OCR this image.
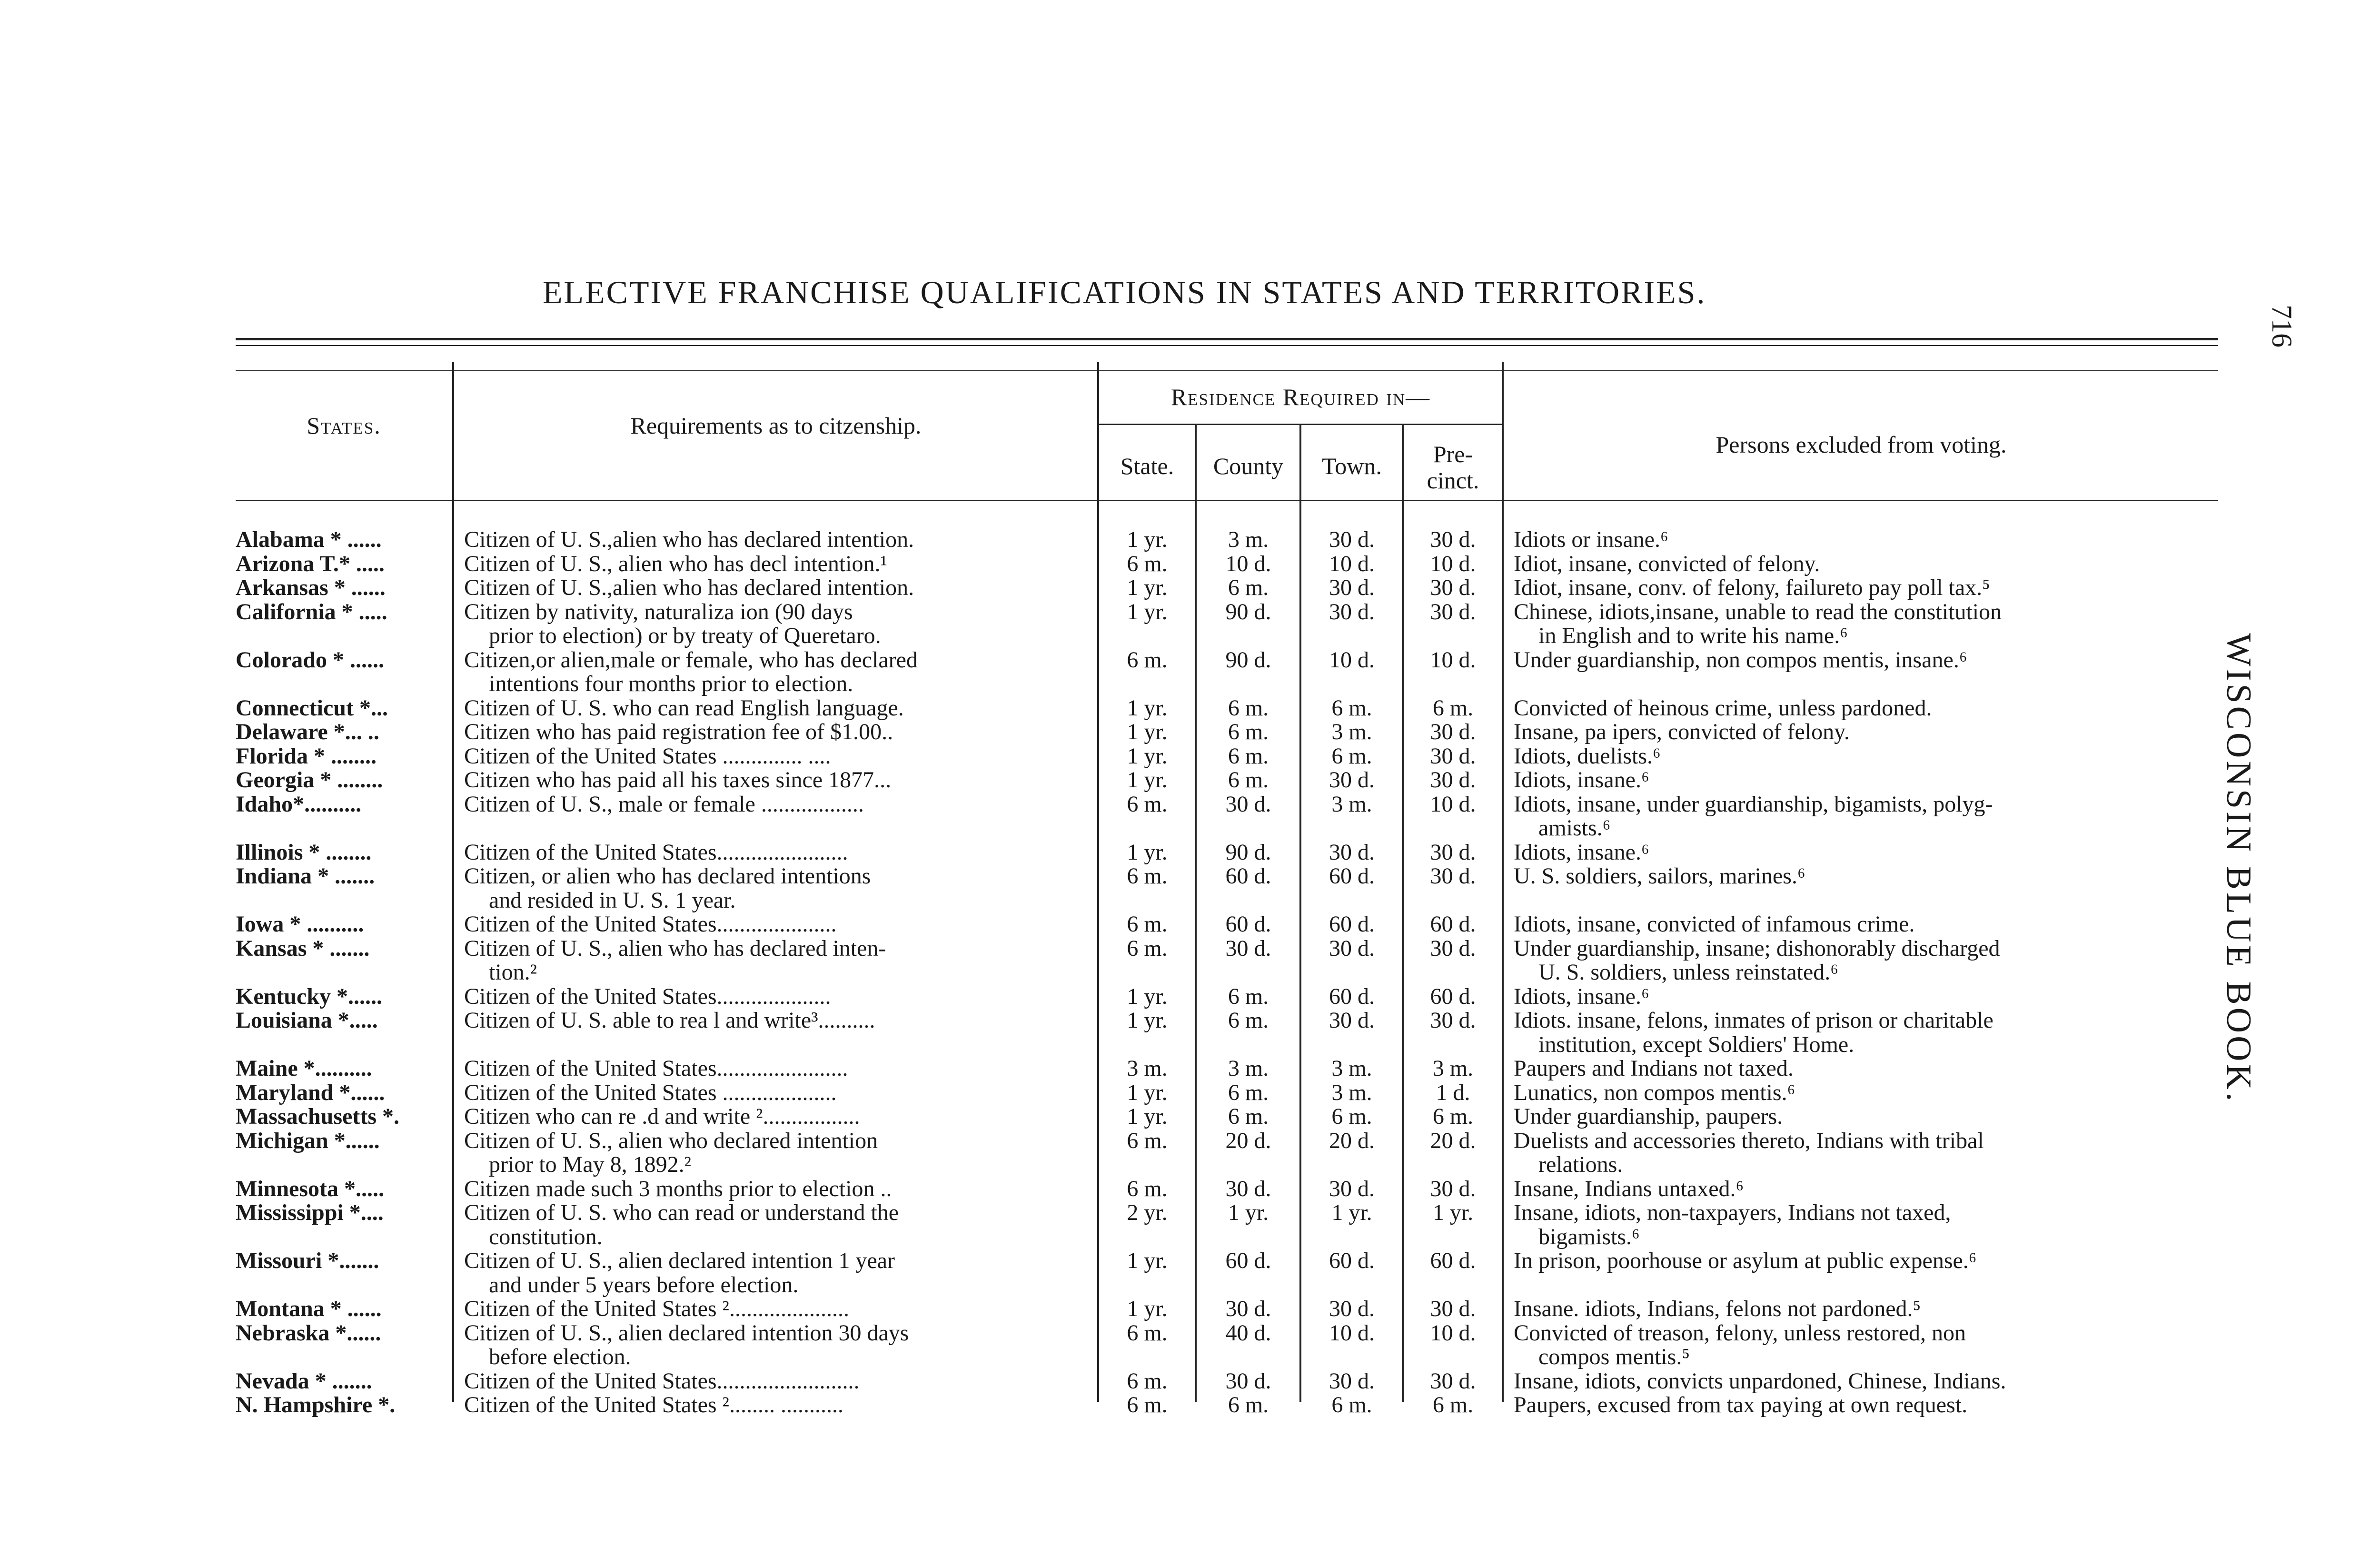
ELECTIVE FRANCHISE QUALIFICATIONS IN STATES AND TERRITORIES.
716
WISCONSIN BLUE BOOK.
States.	Requirements as to citzenship.
Residence Required in—
State.	County	Town.	Pre-
cinct.
Persons excluded from voting.
Alabama * ......	Citizen of U. S.,alien who has declared intention.	1 yr.	3 m.	30 d.	30 d.	Idiots or insane.⁶
Arizona T.* .....	Citizen of U. S., alien who has decl intention.¹	6 m.	10 d.	10 d.	10 d.	Idiot, insane, convicted of felony.
Arkansas * ......	Citizen of U. S.,alien who has declared intention.	1 yr.	6 m.	30 d.	30 d.	Idiot, insane, conv. of felony, failureto pay poll tax.⁵
California * .....	Citizen by nativity, naturaliza ion (90 days	1 yr.	90 d.	30 d.	30 d.	Chinese, idiots,insane, unable to read the constitution
prior to election) or by treaty of Queretaro.	in English and to write his name.⁶
Colorado * ......	Citizen,or alien,male or female, who has declared	6 m.	90 d.	10 d.	10 d.	Under guardianship, non compos mentis, insane.⁶
intentions four months prior to election.
Connecticut *...	Citizen of U. S. who can read English language.	1 yr.	6 m.	6 m.	6 m.	Convicted of heinous crime, unless pardoned.
Delaware *... ..	Citizen who has paid registration fee of $1.00..	1 yr.	6 m.	3 m.	30 d.	Insane, pa ipers, convicted of felony.
Florida * ........	Citizen of the United States .............. ....	1 yr.	6 m.	6 m.	30 d.	Idiots, duelists.⁶
Georgia * ........	Citizen who has paid all his taxes since 1877...	1 yr.	6 m.	30 d.	30 d.	Idiots, insane.⁶
Idaho*..........	Citizen of U. S., male or female ..................	6 m.	30 d.	3 m.	10 d.	Idiots, insane, under guardianship, bigamists, polyg-
amists.⁶
Illinois * ........	Citizen of the United States.......................	1 yr.	90 d.	30 d.	30 d.	Idiots, insane.⁶
Indiana * .......	Citizen, or alien who has declared intentions	6 m.	60 d.	60 d.	30 d.	U. S. soldiers, sailors, marines.⁶
and resided in U. S. 1 year.
Iowa * ..........	Citizen of the United States.....................	6 m.	60 d.	60 d.	60 d.	Idiots, insane, convicted of infamous crime.
Kansas * .......	Citizen of U. S., alien who has declared inten-	6 m.	30 d.	30 d.	30 d.	Under guardianship, insane; dishonorably discharged
tion.²	U. S. soldiers, unless reinstated.⁶
Kentucky *......	Citizen of the United States....................	1 yr.	6 m.	60 d.	60 d.	Idiots, insane.⁶
Louisiana *.....	Citizen of U. S. able to rea l and write³..........	1 yr.	6 m.	30 d.	30 d.	Idiots. insane, felons, inmates of prison or charitable
institution, except Soldiers' Home.
Maine *..........	Citizen of the United States.......................	3 m.	3 m.	3 m.	3 m.	Paupers and Indians not taxed.
Maryland *......	Citizen of the United States ....................	1 yr.	6 m.	3 m.	1 d.	Lunatics, non compos mentis.⁶
Massachusetts *.	Citizen who can re .d and write ².................	1 yr.	6 m.	6 m.	6 m.	Under guardianship, paupers.
Michigan *......	Citizen of U. S., alien who declared intention	6 m.	20 d.	20 d.	20 d.	Duelists and accessories thereto, Indians with tribal
prior to May 8, 1892.²	relations.
Minnesota *.....	Citizen made such 3 months prior to election ..	6 m.	30 d.	30 d.	30 d.	Insane, Indians untaxed.⁶
Mississippi *....	Citizen of U. S. who can read or understand the	2 yr.	1 yr.	1 yr.	1 yr.	Insane, idiots, non-taxpayers, Indians not taxed,
constitution.	bigamists.⁶
Missouri *.......	Citizen of U. S., alien declared intention 1 year	1 yr.	60 d.	60 d.	60 d.	In prison, poorhouse or asylum at public expense.⁶
and under 5 years before election.
Montana * ......	Citizen of the United States ².....................	1 yr.	30 d.	30 d.	30 d.	Insane. idiots, Indians, felons not pardoned.⁵
Nebraska *......	Citizen of U. S., alien declared intention 30 days	6 m.	40 d.	10 d.	10 d.	Convicted of treason, felony, unless restored, non
before election.	compos mentis.⁵
Nevada * .......	Citizen of the United States.........................	6 m.	30 d.	30 d.	30 d.	Insane, idiots, convicts unpardoned, Chinese, Indians.
N. Hampshire *.	Citizen of the United States ²........ ...........	6 m.	6 m.	6 m.	6 m.	Paupers, excused from tax paying at own request.
